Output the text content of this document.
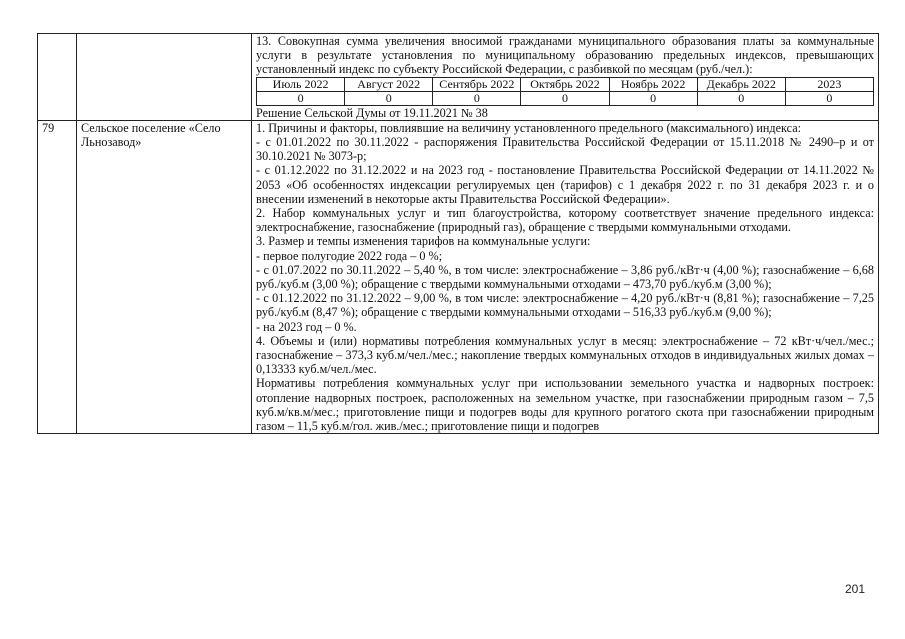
13. Совокупная сумма увеличения вносимой гражданами муниципального образования платы за коммунальные услуги в результате установления по муниципальному образованию предельных индексов, превышающих установленный индекс по субъекту Российской Федерации, с разбивкой по месяцам (руб./чел.):

Июль 2022	Август 2022	Сентябрь 2022	Октябрь 2022	Ноябрь 2022	Декабрь 2022	2023
0	0	0	0	0	0	0

Решение Сельской Думы от 19.11.2021 № 38

79	Сельское поселение «Село Льнозавод»	

1. Причины и факторы, повлиявшие на величину установленного предельного (максимального) индекса:

- с 01.01.2022 по 30.11.2022 - распоряжения Правительства Российской Федерации от 15.11.2018 № 2490–р и от 30.10.2021 № 3073-р;

- с 01.12.2022 по 31.12.2022 и на 2023 год - постановление Правительства Российской Федерации от 14.11.2022 № 2053 «Об особенностях индексации регулируемых цен (тарифов) с 1 декабря 2022 г. по 31 декабря 2023 г. и о внесении изменений в некоторые акты Правительства Российской Федерации».

2. Набор коммунальных услуг и тип благоустройства, которому соответствует значение предельного индекса: электроснабжение, газоснабжение (природный газ), обращение с твердыми коммунальными отходами.

3. Размер и темпы изменения тарифов на коммунальные услуги:

- первое полугодие 2022 года – 0 %;

- с 01.07.2022 по 30.11.2022 – 5,40 %, в том числе: электроснабжение – 3,86 руб./кВт·ч (4,00 %); газоснабжение – 6,68 руб./куб.м (3,00 %); обращение с твердыми коммунальными отходами – 473,70 руб./куб.м (3,00 %);

- с 01.12.2022 по 31.12.2022 – 9,00 %, в том числе: электроснабжение – 4,20 руб./кВт·ч (8,81 %); газоснабжение – 7,25 руб./куб.м (8,47 %); обращение с твердыми коммунальными отходами – 516,33 руб./куб.м (9,00 %);

- на 2023 год – 0 %.

4. Объемы и (или) нормативы потребления коммунальных услуг в месяц: электроснабжение – 72 кВт·ч/чел./мес.; газоснабжение – 373,3 куб.м/чел./мес.; накопление твердых коммунальных отходов в индивидуальных жилых домах – 0,13333 куб.м/чел./мес.

Нормативы потребления коммунальных услуг при использовании земельного участка и надворных построек: отопление надворных построек, расположенных на земельном участке, при газоснабжении природным газом – 7,5 куб.м/кв.м/мес.; приготовление пищи и подогрев воды для крупного рогатого скота при газоснабжении природным газом – 11,5 куб.м/гол. жив./мес.; приготовление пищи и подогрев

201
